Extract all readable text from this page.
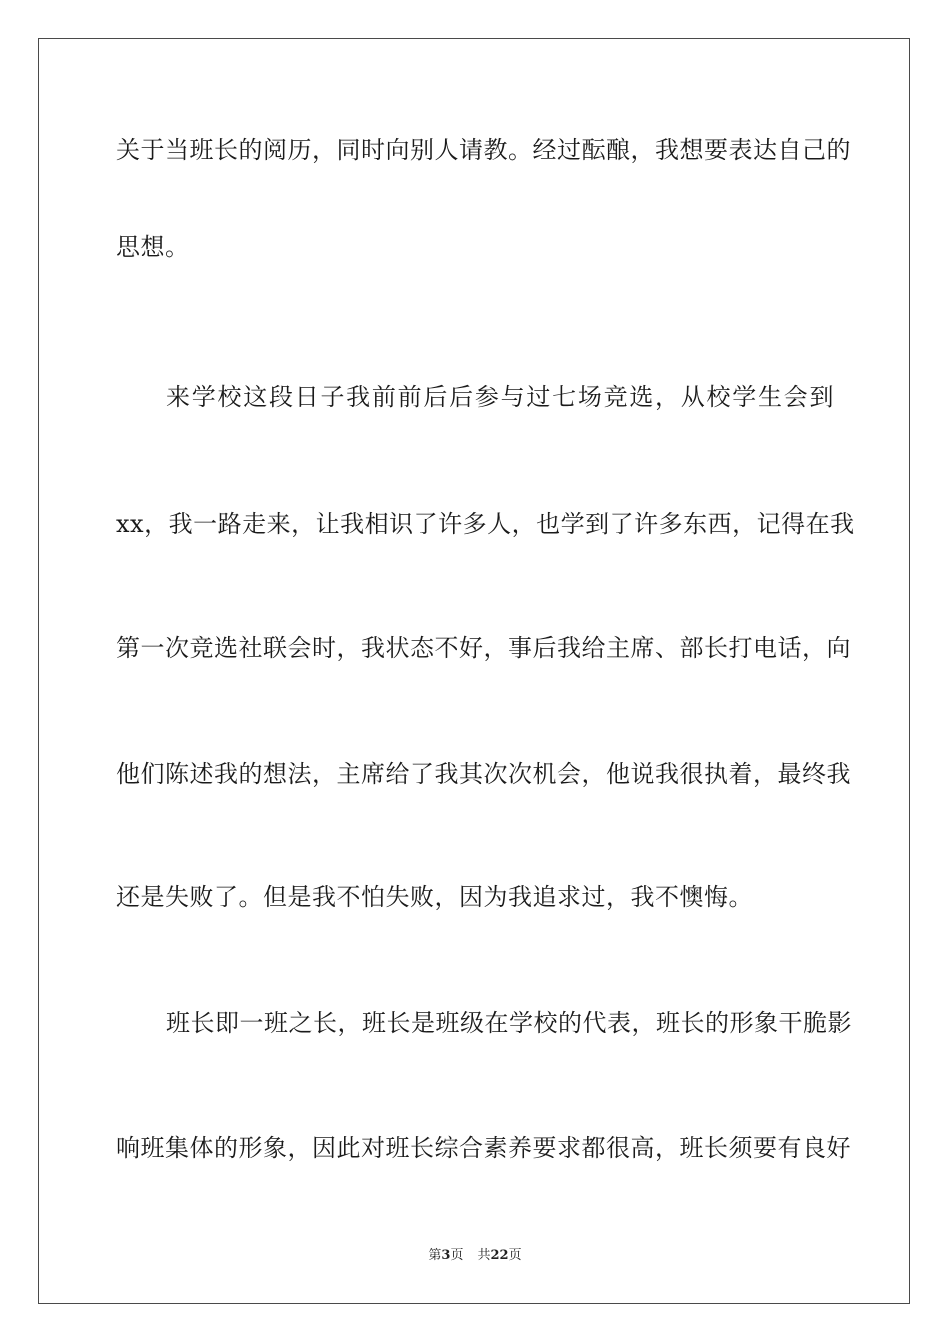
关于当班长的阅历，同时向别人请教。经过酝酿，我想要表达自己的
思想。
来学校这段日子我前前后后参与过七场竞选，从校学生会到
xx，我一路走来，让我相识了许多人，也学到了许多东西，记得在我
第一次竞选社联会时，我状态不好，事后我给主席、部长打电话，向
他们陈述我的想法，主席给了我其次次机会，他说我很执着，最终我
还是失败了。但是我不怕失败，因为我追求过，我不懊悔。
班长即一班之长，班长是班级在学校的代表，班长的形象干脆影
响班集体的形象，因此对班长综合素养要求都很高，班长须要有良好
第3页 共22页
